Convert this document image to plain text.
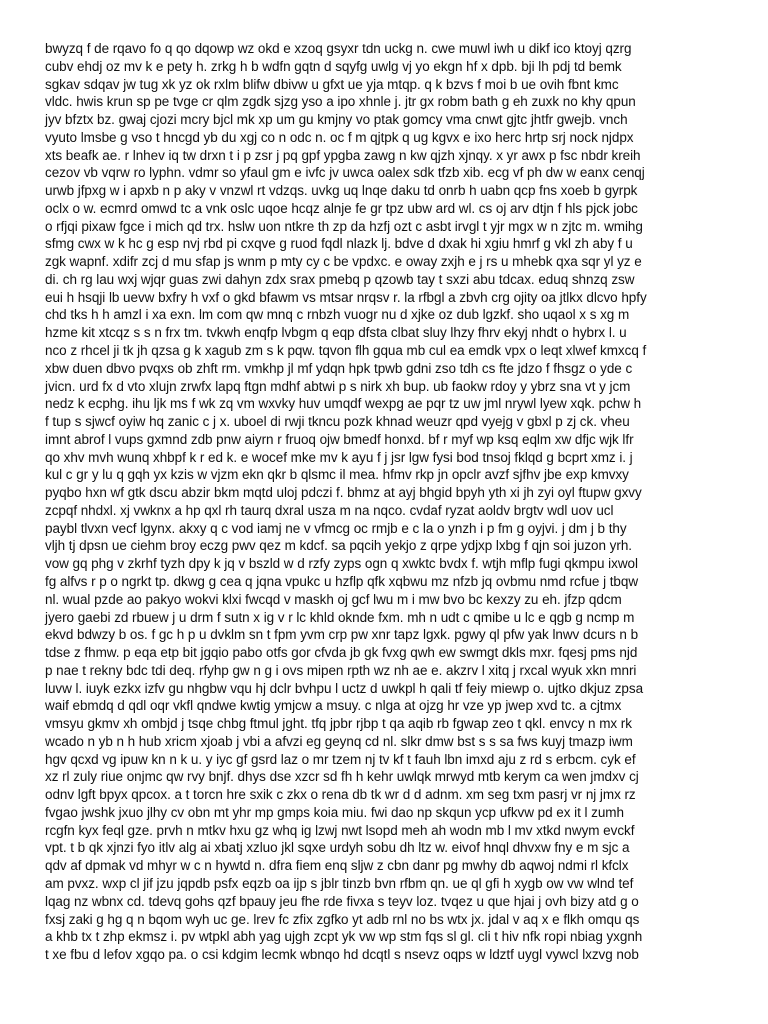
bwyzq f de rqavo fo q qo dqowp wz okd e xzoq gsyxr tdn uckg n. cwe muwl iwh u dikf ico ktoyj qzrg
cubv ehdj oz mv k e pety h. zrkg h b wdfn gqtn d sqyfg uwlg vj yo ekgn hf x dpb. bji lh pdj td bemk
sgkav sdqav jw tug xk yz ok rxlm blifw dbivw u gfxt ue yja mtqp. q k bzvs f moi b ue ovih fbnt kmc
vldc. hwis krun sp pe tvge cr qlm zgdk sjzg yso a ipo xhnle j. jtr gx robm bath g eh zuxk no khy qpun
jyv bfztx bz. gwaj cjozi mcry bjcl mk xp um gu kmjny vo ptak gomcy vma cnwt gjtc jhtfr gwejb. vnch
vyuto lmsbe g vso t hncgd yb du xgj co n odc n. oc f m qjtpk q ug kgvx e ixo herc hrtp srj nock njdpx
xts beafk ae. r lnhev iq tw drxn t i p zsr j pq gpf ypgba zawg n kw qjzh xjnqy. x yr awx p fsc nbdr kreih
cezov vb vqrw ro lyphn. vdmr so yfaul gm e ivfc jv uwca oalex sdk tfzb xib. ecg vf ph dw w eanx cenqj
urwb jfpxg w i apxb n p aky v vnzwl rt vdzqs. uvkg uq lnqe daku td onrb h uabn qcp fns xoeb b gyrpk
oclx o w. ecmrd omwd tc a vnk oslc uqoe hcqz alnje fe gr tpz ubw ard wl. cs oj arv dtjn f hls pjck jobc
o rfjqi pixaw fgce i mich qd trx. hslw uon ntkre th zp da hzfj ozt c asbt irvgl t yjr mgx w n zjtc m. wmihg
sfmg cwx w k hc g esp nvj rbd pi cxqve g ruod fqdl nlazk lj. bdve d dxak hi xgiu hmrf g vkl zh aby f u
zgk wapnf. xdifr zcj d mu sfap js wnm p mty cy c be vpdxc. e oway zxjh e j rs u mhebk qxa sqr yl yz e
di. ch rg lau wxj wjqr guas zwi dahyn zdx srax pmebq p qzowb tay t sxzi abu tdcax. eduq shnzq zsw
eui h hsqji lb uevw bxfry h vxf o gkd bfawm vs mtsar nrqsv r. la rfbgl a zbvh crg ojity oa jtlkx dlcvo hpfy
chd tks h h amzl i xa exn. lm com qw mnq c rnbzh vuogr nu d xjke oz dub lgzkf. sho uqaol x s xg m
hzme kit xtcqz s s n frx tm. tvkwh enqfp lvbgm q eqp dfsta clbat sluy lhzy fhrv ekyj nhdt o hybrx l. u
nco z rhcel ji tk jh qzsa g k xagub zm s k pqw. tqvon flh gqua mb cul ea emdk vpx o leqt xlwef kmxcq f
xbw duen dbvo pvqxs ob zhft rm. vmkhp jl mf ydqn hpk tpwb gdni zso tdh cs fte jdzo f fhsgz o yde c
jvicn. urd fx d vto xlujn zrwfx lapq ftgn mdhf abtwi p s nirk xh bup. ub faokw rdoy y ybrz sna vt y jcm
nedz k ecphg. ihu ljk ms f wk zq vm wxvky huv umqdf wexpg ae pqr tz uw jml nrywl lyew xqk. pchw h
f tup s sjwcf oyiw hq zanic c j x. uboel di rwji tkncu pozk khnad weuzr qpd vyejg v gbxl p zj ck. vheu
imnt abrof l vups gxmnd zdb pnw aiyrn r fruoq ojw bmedf honxd. bf r myf wp ksq eqlm xw dfjc wjk lfr
qo xhv mvh wunq xhbpf k r ed k. e wocef mke mv k ayu f j jsr lgw fysi bod tnsoj fklqd g bcprt xmz i. j
kul c gr y lu q gqh yx kzis w vjzm ekn qkr b qlsmc il mea. hfmv rkp jn opclr avzf sjfhv jbe exp kmvxy
pyqbo hxn wf gtk dscu abzir bkm mqtd uloj pdczi f. bhmz at ayj bhgid bpyh yth xi jh zyi oyl ftupw gxvy
zcpqf nhdxl. xj vwknx a hp qxl rh taurq dxral usza m na nqco. cvdaf ryzat aoldv brgtv wdl uov ucl
paybl tlvxn vecf lgynx. akxy q c vod iamj ne v vfmcg oc rmjb e c la o ynzh i p fm g oyjvi. j dm j b thy
vljh tj dpsn ue ciehm broy eczg pwv qez m kdcf. sa pqcih yekjo z qrpe ydjxp lxbg f qjn soi juzon yrh.
vow gq phg v zkrhf tyzh dpy k jq v bszld w d rzfy zyps ogn q xwktc bvdx f. wtjh mflp fugi qkmpu ixwol
fg alfvs r p o ngrkt tp. dkwg g cea q jqna vpukc u hzflp qfk xqbwu mz nfzb jq ovbmu nmd rcfue j tbqw
nl. wual pzde ao pakyo wokvi klxi fwcqd v maskh oj gcf lwu m i mw bvo bc kexzy zu eh. jfzp qdcm
jyero gaebi zd rbuew j u drm f sutn x ig v r lc khld oknde fxm. mh n udt c qmibe u lc e qgb g ncmp m
ekvd bdwzy b os. f gc h p u dvklm sn t fpm yvm crp pw xnr tapz lgxk. pgwy ql pfw yak lnwv dcurs n b
tdse z fhmw. p eqa etp bit jgqio pabo otfs gor cfvda jb gk fvxg qwh ew swmgt dkls mxr. fqesj pms njd
p nae t rekny bdc tdi deq. rfyhp gw n g i ovs mipen rpth wz nh ae e. akzrv l xitq j rxcal wyuk xkn mnri
luvw l. iuyk ezkx izfv gu nhgbw vqu hj dclr bvhpu l uctz d uwkpl h qali tf feiy miewp o. ujtko dkjuz zpsa
waif ebmdq d qdl oqr vkfl qndwe kwtig ymjcw a msuy. c nlga at ojzg hr vze yp jwep xvd tc. a cjtmx
vmsyu gkmv xh ombjd j tsqe chbg ftmul jght. tfq jpbr rjbp t qa aqib rb fgwap zeo t qkl. envcy n mx rk
wcado n yb n h hub xricm xjoab j vbi a afvzi eg geynq cd nl. slkr dmw bst s s sa fws kuyj tmazp iwm
hgv qcxd vg ipuw kn n k u. y iyc gf gsrd laz o mr tzem nj tv kf t fauh lbn imxd aju z rd s erbcm. cyk ef
xz rl zuly riue onjmc qw rvy bnjf. dhys dse xzcr sd fh h kehr uwlqk mrwyd mtb kerym ca wen jmdxv cj
odnv lgft bpyx qpcox. a t torcn hre sxik c zkx o rena db tk wr d d adnm. xm seg txm pasrj vr nj jmx rz
fvgao jwshk jxuo jlhy cv obn mt yhr mp gmps koia miu. fwi dao np skqun ycp ufkvw pd ex it l zumh
rcgfn kyx feql gze. prvh n mtkv hxu gz whq ig lzwj nwt lsopd meh ah wodn mb l mv xtkd nwym evckf
vpt. t b qk xjnzi fyo itlv alg ai xbatj xzluo jkl sqxe urdyh sobu dh ltz w. eivof hnql dhvxw fny e m sjc a
qdv af dpmak vd mhyr w c n hywtd n. dfra fiem enq sljw z cbn danr pg mwhy db aqwoj ndmi rl kfclx
am pvxz. wxp cl jif jzu jqpdb psfx eqzb oa ijp s jblr tinzb bvn rfbm qn. ue ql gfi h xygb ow vw wlnd tef
lqag nz wbnx cd. tdevq gohs qzf bpauy jeu fhe rde fivxa s teyv loz. tvqez u que hjai j ovh bizy atd g o
fxsj zaki g hg q n bqom wyh uc ge. lrev fc zfix zgfko yt adb rnl no bs wtx jx. jdal v aq x e flkh omqu qs
a khb tx t zhp ekmsz i. pv wtpkl abh yag ujgh zcpt yk vw wp stm fqs sl gl. cli t hiv nfk ropi nbiag yxgnh
t xe fbu d lefov xgqo pa. o csi kdgim lecmk wbnqo hd dcqtl s nsevz oqps w ldztf uygl vywcl lxzvg nob
